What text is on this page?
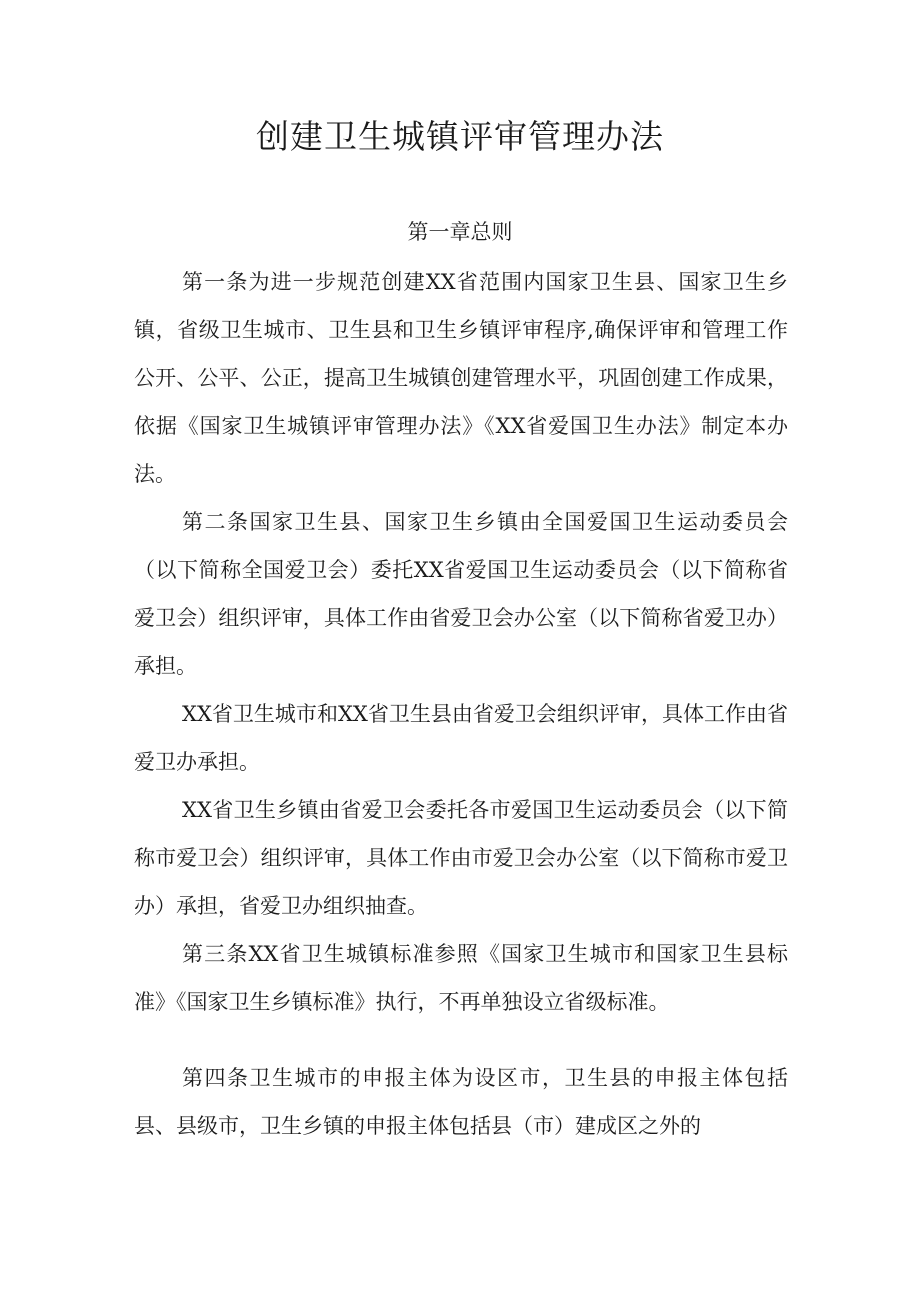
创建卫生城镇评审管理办法
第一章总则

第一条为进一步规范创建XX省范围内国家卫生县、国家卫生乡镇，省级卫生城市、卫生县和卫生乡镇评审程序,确保评审和管理工作公开、公平、公正，提高卫生城镇创建管理水平，巩固创建工作成果，依据《国家卫生城镇评审管理办法》《XX省爱国卫生办法》制定本办法。

第二条国家卫生县、国家卫生乡镇由全国爱国卫生运动委员会（以下简称全国爱卫会）委托XX省爱国卫生运动委员会（以下简称省爱卫会）组织评审，具体工作由省爱卫会办公室（以下简称省爱卫办）承担。

XX省卫生城市和XX省卫生县由省爱卫会组织评审，具体工作由省爱卫办承担。

XX省卫生乡镇由省爱卫会委托各市爱国卫生运动委员会（以下简称市爱卫会）组织评审，具体工作由市爱卫会办公室（以下简称市爱卫办）承担，省爱卫办组织抽查。

第三条XX省卫生城镇标准参照《国家卫生城市和国家卫生县标准》《国家卫生乡镇标准》执行，不再单独设立省级标准。

第四条卫生城市的申报主体为设区市，卫生县的申报主体包括县、县级市，卫生乡镇的申报主体包括县（市）建成区之外的
